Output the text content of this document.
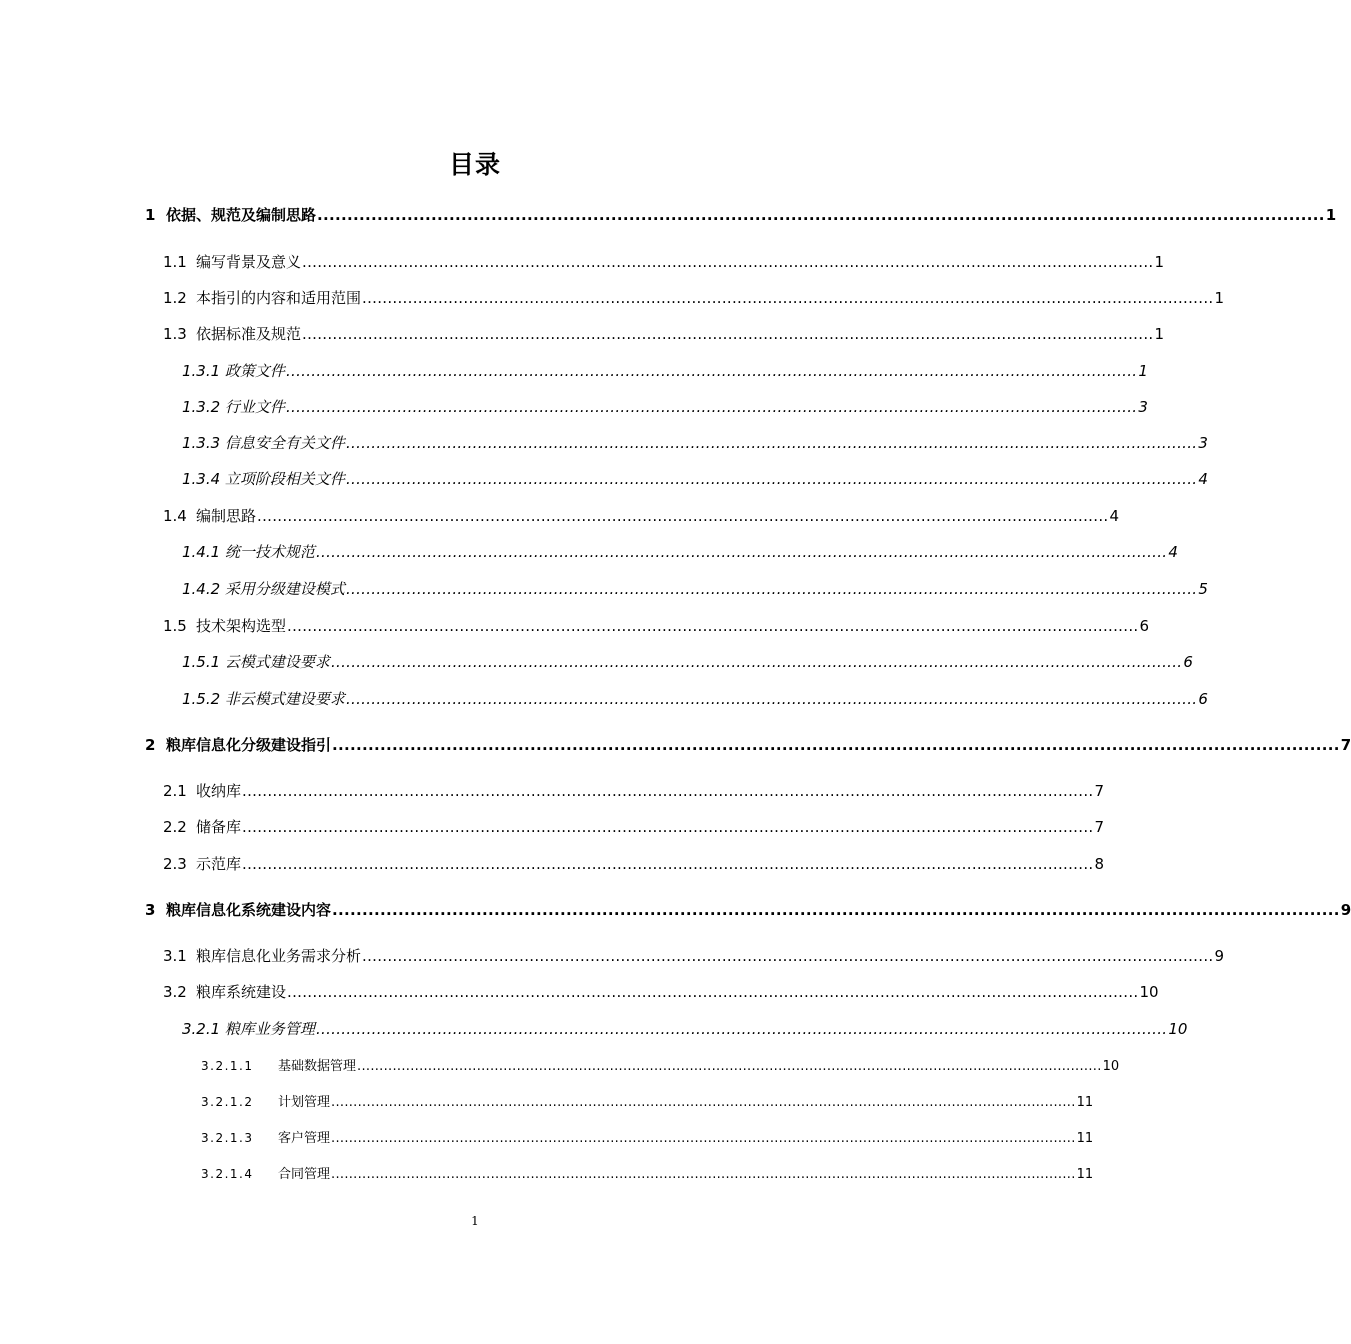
目录
1 依据、规范及编制思路 ........................................................................................................................................................................ 1
1.1 编写背景及意义 ........................................................................................................................................................................ 1
1.2 本指引的内容和适用范围 ........................................................................................................................................................................ 1
1.3 依据标准及规范 ........................................................................................................................................................................ 1
1.3.1 政策文件 ........................................................................................................................................................................ 1
1.3.2 行业文件 ........................................................................................................................................................................ 3
1.3.3 信息安全有关文件 ........................................................................................................................................................................ 3
1.3.4 立项阶段相关文件 ........................................................................................................................................................................ 4
1.4 编制思路 ........................................................................................................................................................................ 4
1.4.1 统一技术规范 ........................................................................................................................................................................ 4
1.4.2 采用分级建设模式 ........................................................................................................................................................................ 5
1.5 技术架构选型 ........................................................................................................................................................................ 6
1.5.1 云模式建设要求 ........................................................................................................................................................................ 6
1.5.2 非云模式建设要求 ........................................................................................................................................................................ 6
2 粮库信息化分级建设指引 ........................................................................................................................................................................ 7
2.1 收纳库 ........................................................................................................................................................................ 7
2.2 储备库 ........................................................................................................................................................................ 7
2.3 示范库 ........................................................................................................................................................................ 8
3 粮库信息化系统建设内容 ........................................................................................................................................................................ 9
3.1 粮库信息化业务需求分析 ........................................................................................................................................................................ 9
3.2 粮库系统建设 ........................................................................................................................................................................ 10
3.2.1 粮库业务管理 ........................................................................................................................................................................ 10
3.2.1.1	基础数据管理 ........................................................................................................................................................................ 10
3.2.1.2	计划管理 ........................................................................................................................................................................ 11
3.2.1.3	客户管理 ........................................................................................................................................................................ 11
3.2.1.4	合同管理 ........................................................................................................................................................................ 11
1
